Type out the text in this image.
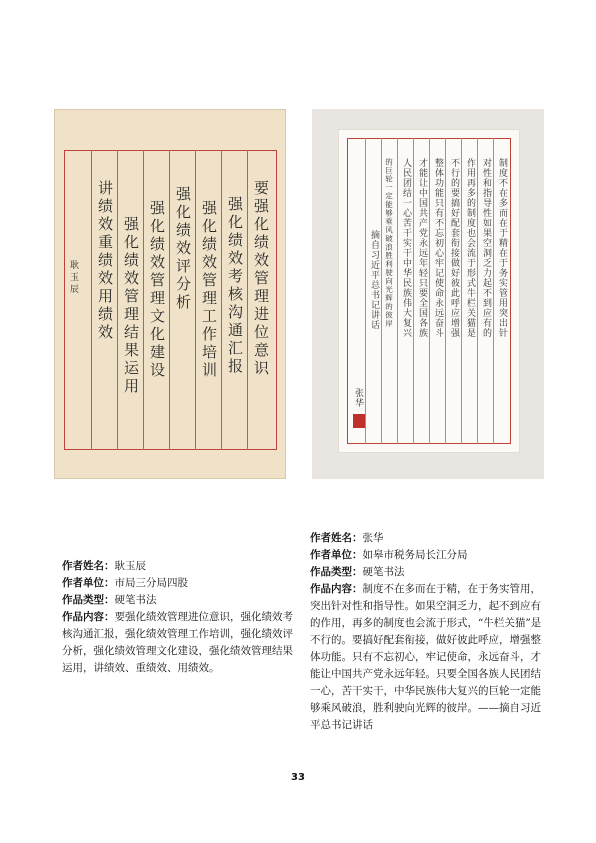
要强化绩效管理进位意识
强化绩效考核沟通汇报
强化绩效管理工作培训
强化绩效评分析
强化绩效管理文化建设
强化绩效管理结果运用
讲绩效重绩效用绩效
耿玉辰	制度不在多而在于精在于务实管用突出针
对性和指导性如果空洞乏力起不到应有的
作用再多的制度也会流于形式牛栏关猫是
不行的要搞好配套衔接做好彼此呼应增强
整体功能只有不忘初心牢记使命永远奋斗
才能让中国共产党永远年轻只要全国各族
人民团结一心苦干实干中华民族伟大复兴
的巨轮一定能够乘风破浪胜利驶向光辉的彼岸
摘自习近平总书记讲话
张华

作者姓名：耿玉辰

作者单位：市局三分局四股

作品类型：硬笔书法

作品内容：要强化绩效管理进位意识，强化绩效考核沟通汇报，强化绩效管理工作培训，强化绩效评分析，强化绩效管理文化建设，强化绩效管理结果运用，讲绩效、重绩效、用绩效。

作者姓名：张华

作者单位：如皋市税务局长江分局

作品类型：硬笔书法

作品内容：制度不在多而在于精，在于务实管用，突出针对性和指导性。如果空洞乏力，起不到应有的作用，再多的制度也会流于形式，“牛栏关猫”是不行的。要搞好配套衔接，做好彼此呼应，增强整体功能。只有不忘初心，牢记使命，永远奋斗，才能让中国共产党永远年轻。只要全国各族人民团结一心，苦干实干，中华民族伟大复兴的巨轮一定能够乘风破浪，胜利驶向光辉的彼岸。——摘自习近平总书记讲话

33
